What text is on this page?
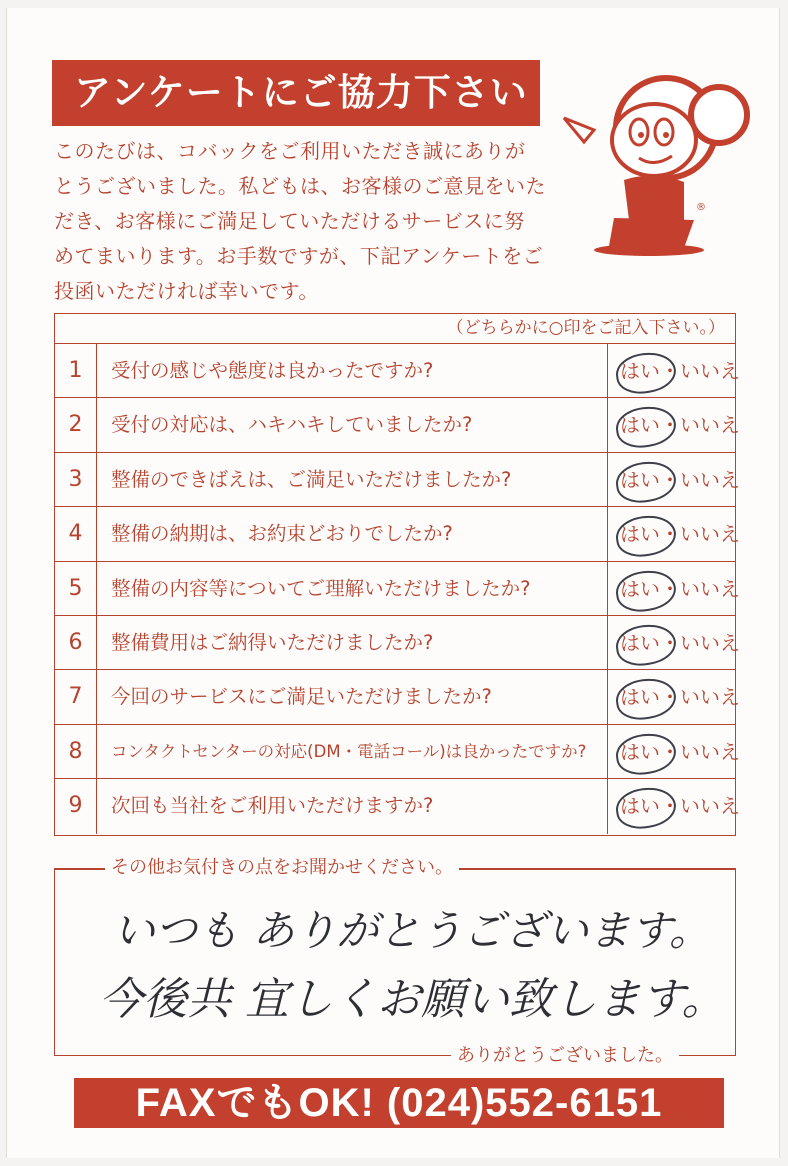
アンケートにご協力下さい
このたびは、コバックをご利用いただき誠にありが
とうございました。私どもは、お客様のご意見をいた
だき、お客様にご満足していただけるサービスに努
めてまいります。お手数ですが、下記アンケートをご
投函いただければ幸いです。
®
（どちらかに○印をご記入下さい。）
1	受付の感じや態度は良かったですか?	はい・いいえ
2	受付の対応は、ハキハキしていましたか?	はい・いいえ
3	整備のできばえは、ご満足いただけましたか?	はい・いいえ
4	整備の納期は、お約束どおりでしたか?	はい・いいえ
5	整備の内容等についてご理解いただけましたか?	はい・いいえ
6	整備費用はご納得いただけましたか?	はい・いいえ
7	今回のサービスにご満足いただけましたか?	はい・いいえ
8	コンタクトセンターの対応(DM・電話コール)は良かったですか? はい・いいえ
9	次回も当社をご利用いただけますか?	はい・いいえ
その他お気付きの点をお聞かせください。
いつも ありがとうございます。
今後共 宜しくお願い致します。
ありがとうございました。
FAXでもOK! (024)552-6151
